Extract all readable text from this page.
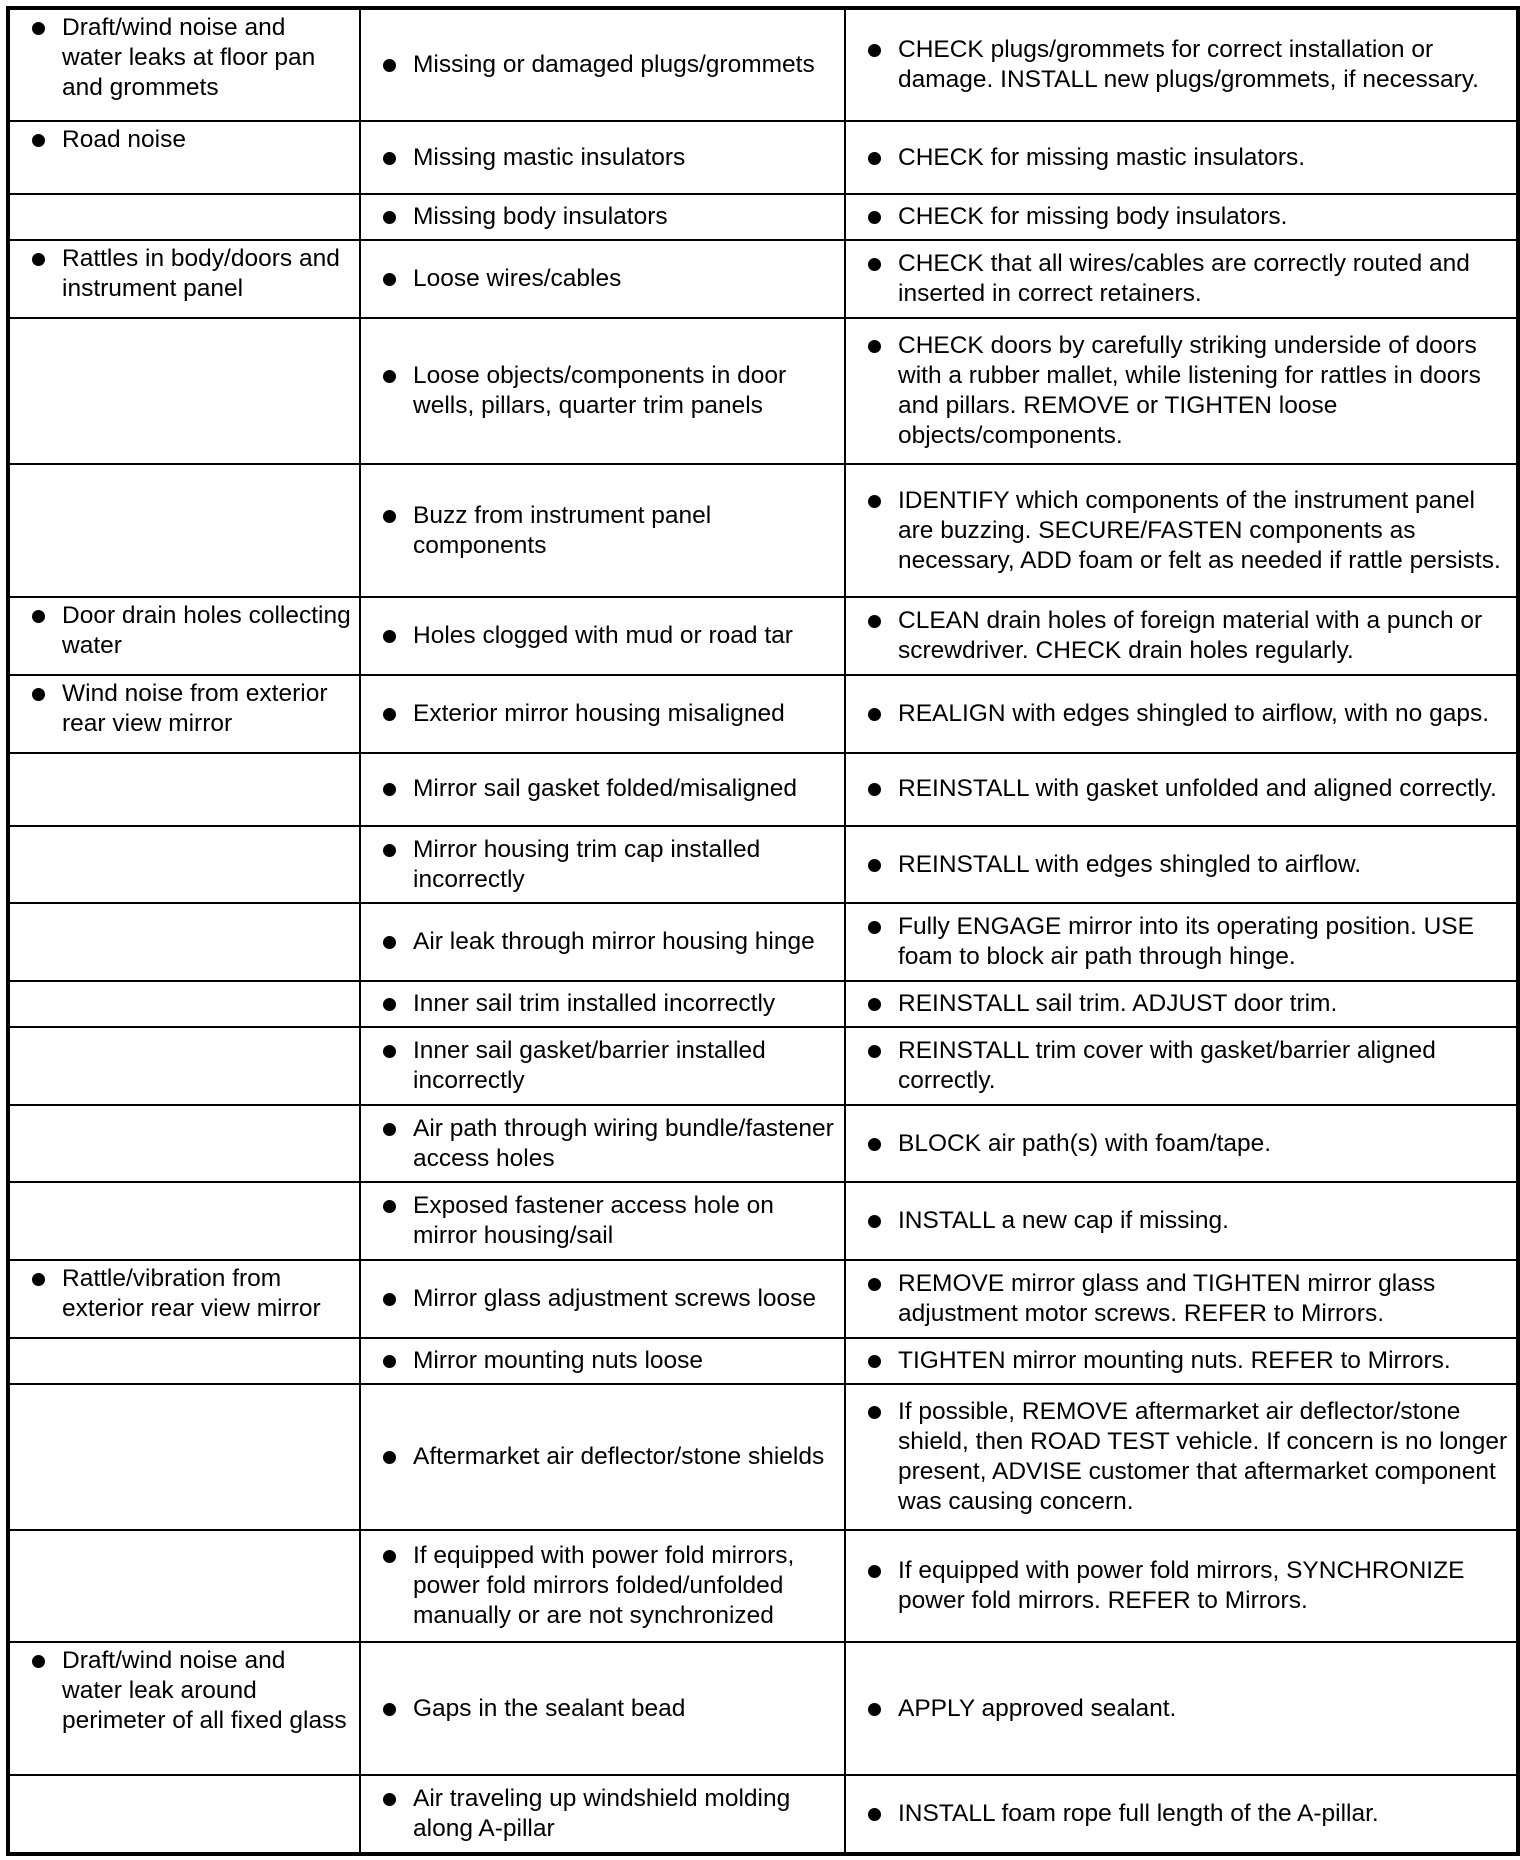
Draft/wind noise and water leaks at floor pan and grommets	Missing or damaged plugs/grommets	CHECK plugs/grommets for correct installation or damage. INSTALL new plugs/grommets, if necessary.

Road noise	Missing mastic insulators	CHECK for missing mastic insulators.

	Missing body insulators	CHECK for missing body insulators.

Rattles in body/doors and instrument panel	Loose wires/cables	CHECK that all wires/cables are correctly routed and inserted in correct retainers.

	Loose objects/components in door wells, pillars, quarter trim panels	CHECK doors by carefully striking underside of doors with a rubber mallet, while listening for rattles in doors and pillars. REMOVE or TIGHTEN loose objects/components.

	Buzz from instrument panel components	IDENTIFY which components of the instrument panel are buzzing. SECURE/FASTEN components as necessary, ADD foam or felt as needed if rattle persists.

Door drain holes collecting water	Holes clogged with mud or road tar	CLEAN drain holes of foreign material with a punch or screwdriver. CHECK drain holes regularly.

Wind noise from exterior rear view mirror	Exterior mirror housing misaligned	REALIGN with edges shingled to airflow, with no gaps.

	Mirror sail gasket folded/misaligned	REINSTALL with gasket unfolded and aligned correctly.

	Mirror housing trim cap installed incorrectly	REINSTALL with edges shingled to airflow.

	Air leak through mirror housing hinge	Fully ENGAGE mirror into its operating position. USE foam to block air path through hinge.

	Inner sail trim installed incorrectly	REINSTALL sail trim. ADJUST door trim.

	Inner sail gasket/barrier installed incorrectly	REINSTALL trim cover with gasket/barrier aligned correctly.

	Air path through wiring bundle/fastener access holes	BLOCK air path(s) with foam/tape.

	Exposed fastener access hole on mirror housing/sail	INSTALL a new cap if missing.

Rattle/vibration from exterior rear view mirror	Mirror glass adjustment screws loose	REMOVE mirror glass and TIGHTEN mirror glass adjustment motor screws. REFER to Mirrors.

	Mirror mounting nuts loose	TIGHTEN mirror mounting nuts. REFER to Mirrors.

	Aftermarket air deflector/stone shields	If possible, REMOVE aftermarket air deflector/stone shield, then ROAD TEST vehicle. If concern is no longer present, ADVISE customer that aftermarket component was causing concern.

	If equipped with power fold mirrors, power fold mirrors folded/unfolded manually or are not synchronized	If equipped with power fold mirrors, SYNCHRONIZE power fold mirrors. REFER to Mirrors.

Draft/wind noise and water leak around perimeter of all fixed glass	Gaps in the sealant bead	APPLY approved sealant.

	Air traveling up windshield molding along A-pillar	INSTALL foam rope full length of the A-pillar.
